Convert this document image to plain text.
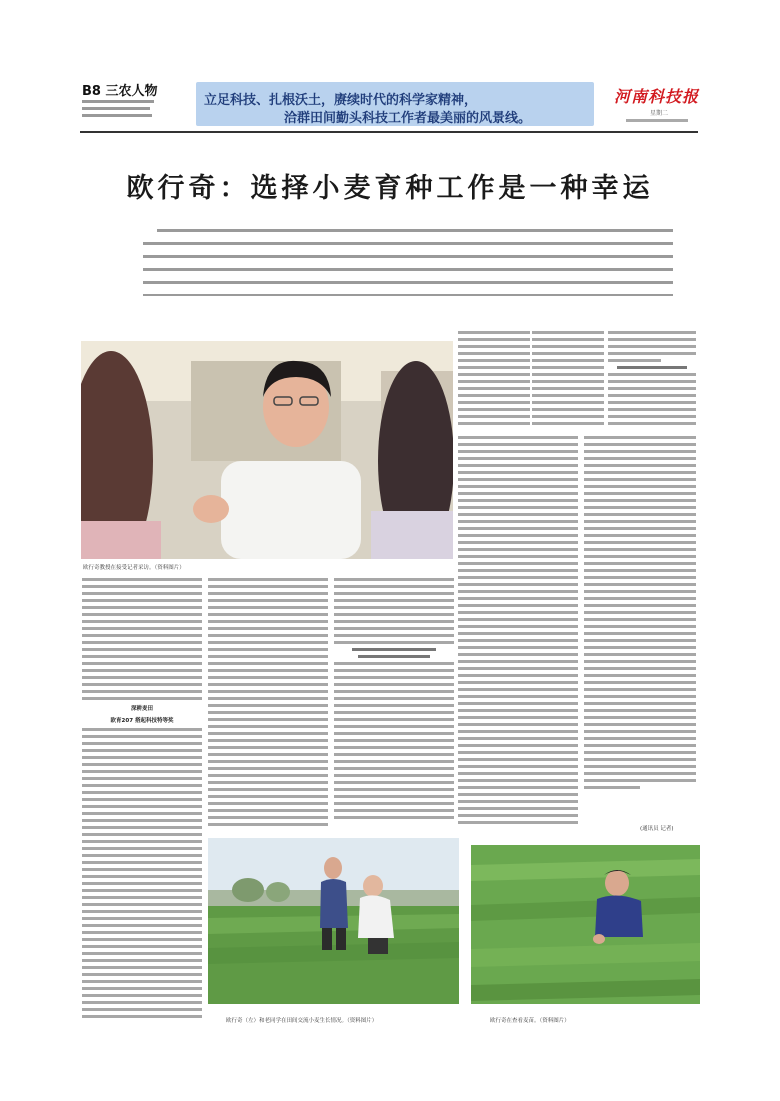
B8 三农人物
立足科技、扎根沃土，赓续时代的科学家精神，
洽群田间勤头科技工作者最美丽的风景线。
河南科技报
星期二
欧行奇：选择小麦育种工作是一种幸运
欧行奇教授在接受记者采访。（资料图片）
深耕麦田
欧育207 搭起科技特等奖
(通讯员 记者)
欧行奇（左）和老同学在田间交流小麦生长情况。（资料图片）	欧行奇在查看麦苗。（资料图片）
